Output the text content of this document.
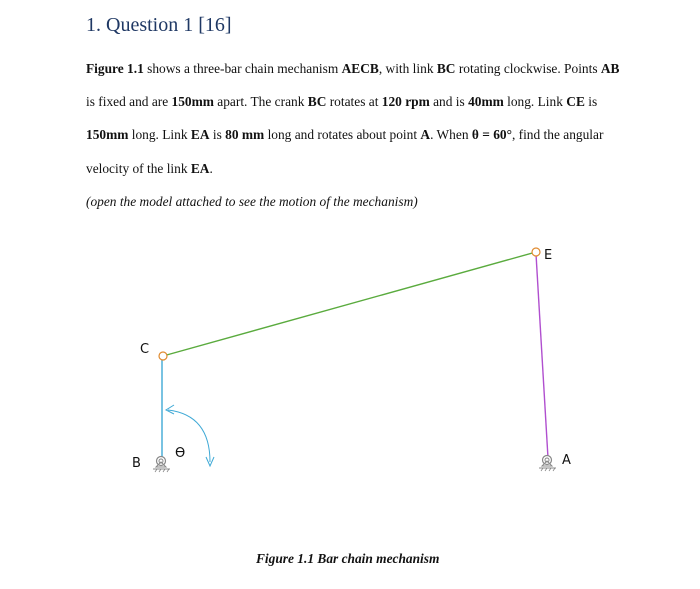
1. Question 1 [16]
Figure 1.1 shows a three-bar chain mechanism AECB, with link BC rotating clockwise. Points AB is fixed and are 150mm apart. The crank BC rotates at 120 rpm and is 40mm long. Link CE is 150mm long. Link EA is 80 mm long and rotates about point A. When θ = 60°, find the angular velocity of the link EA.
(open the model attached to see the motion of the mechanism)
C
E
B	A
ϴ
Figure 1.1 Bar chain mechanism
